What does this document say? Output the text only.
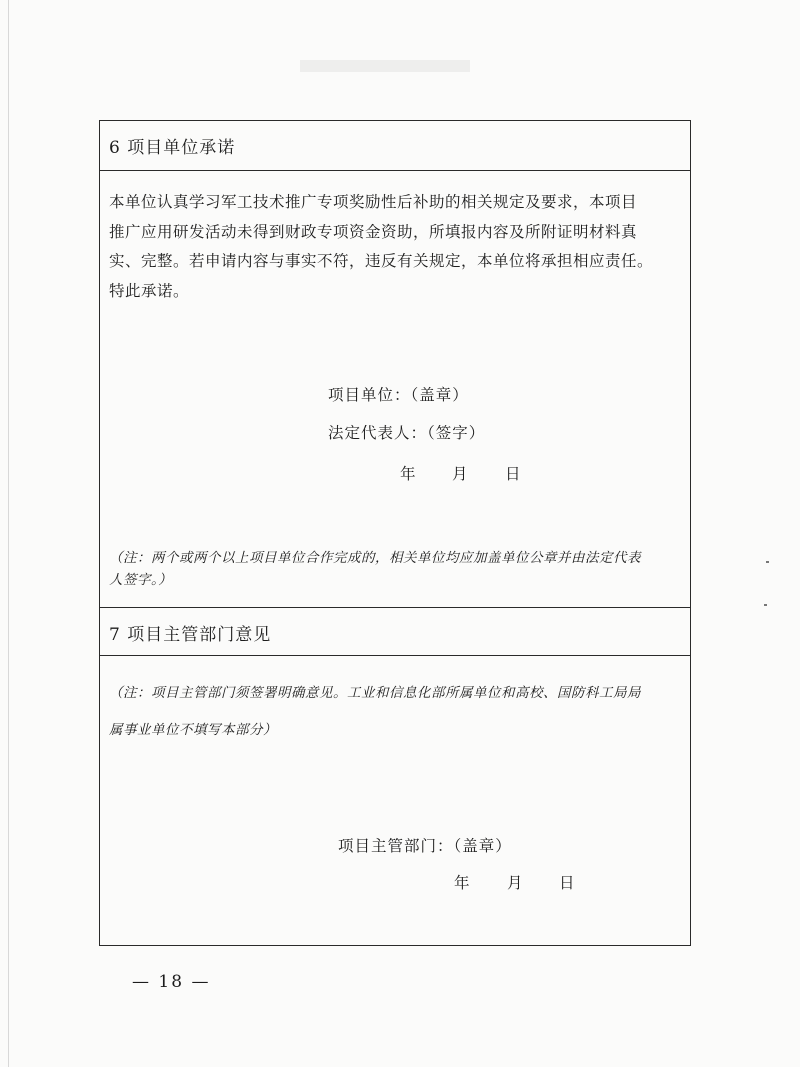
6 项目单位承诺
本单位认真学习军工技术推广专项奖励性后补助的相关规定及要求，本项目
推广应用研发活动未得到财政专项资金资助，所填报内容及所附证明材料真
实、完整。若申请内容与事实不符，违反有关规定，本单位将承担相应责任。
特此承诺。
项目单位：（盖章）
法定代表人：（签字）
年 月 日
（注：两个或两个以上项目单位合作完成的，相关单位均应加盖单位公章并由法定代表
人签字。）
7 项目主管部门意见
（注：项目主管部门须签署明确意见。工业和信息化部所属单位和高校、国防科工局局
属事业单位不填写本部分）
项目主管部门：（盖章）
年 月 日
— 18 —
